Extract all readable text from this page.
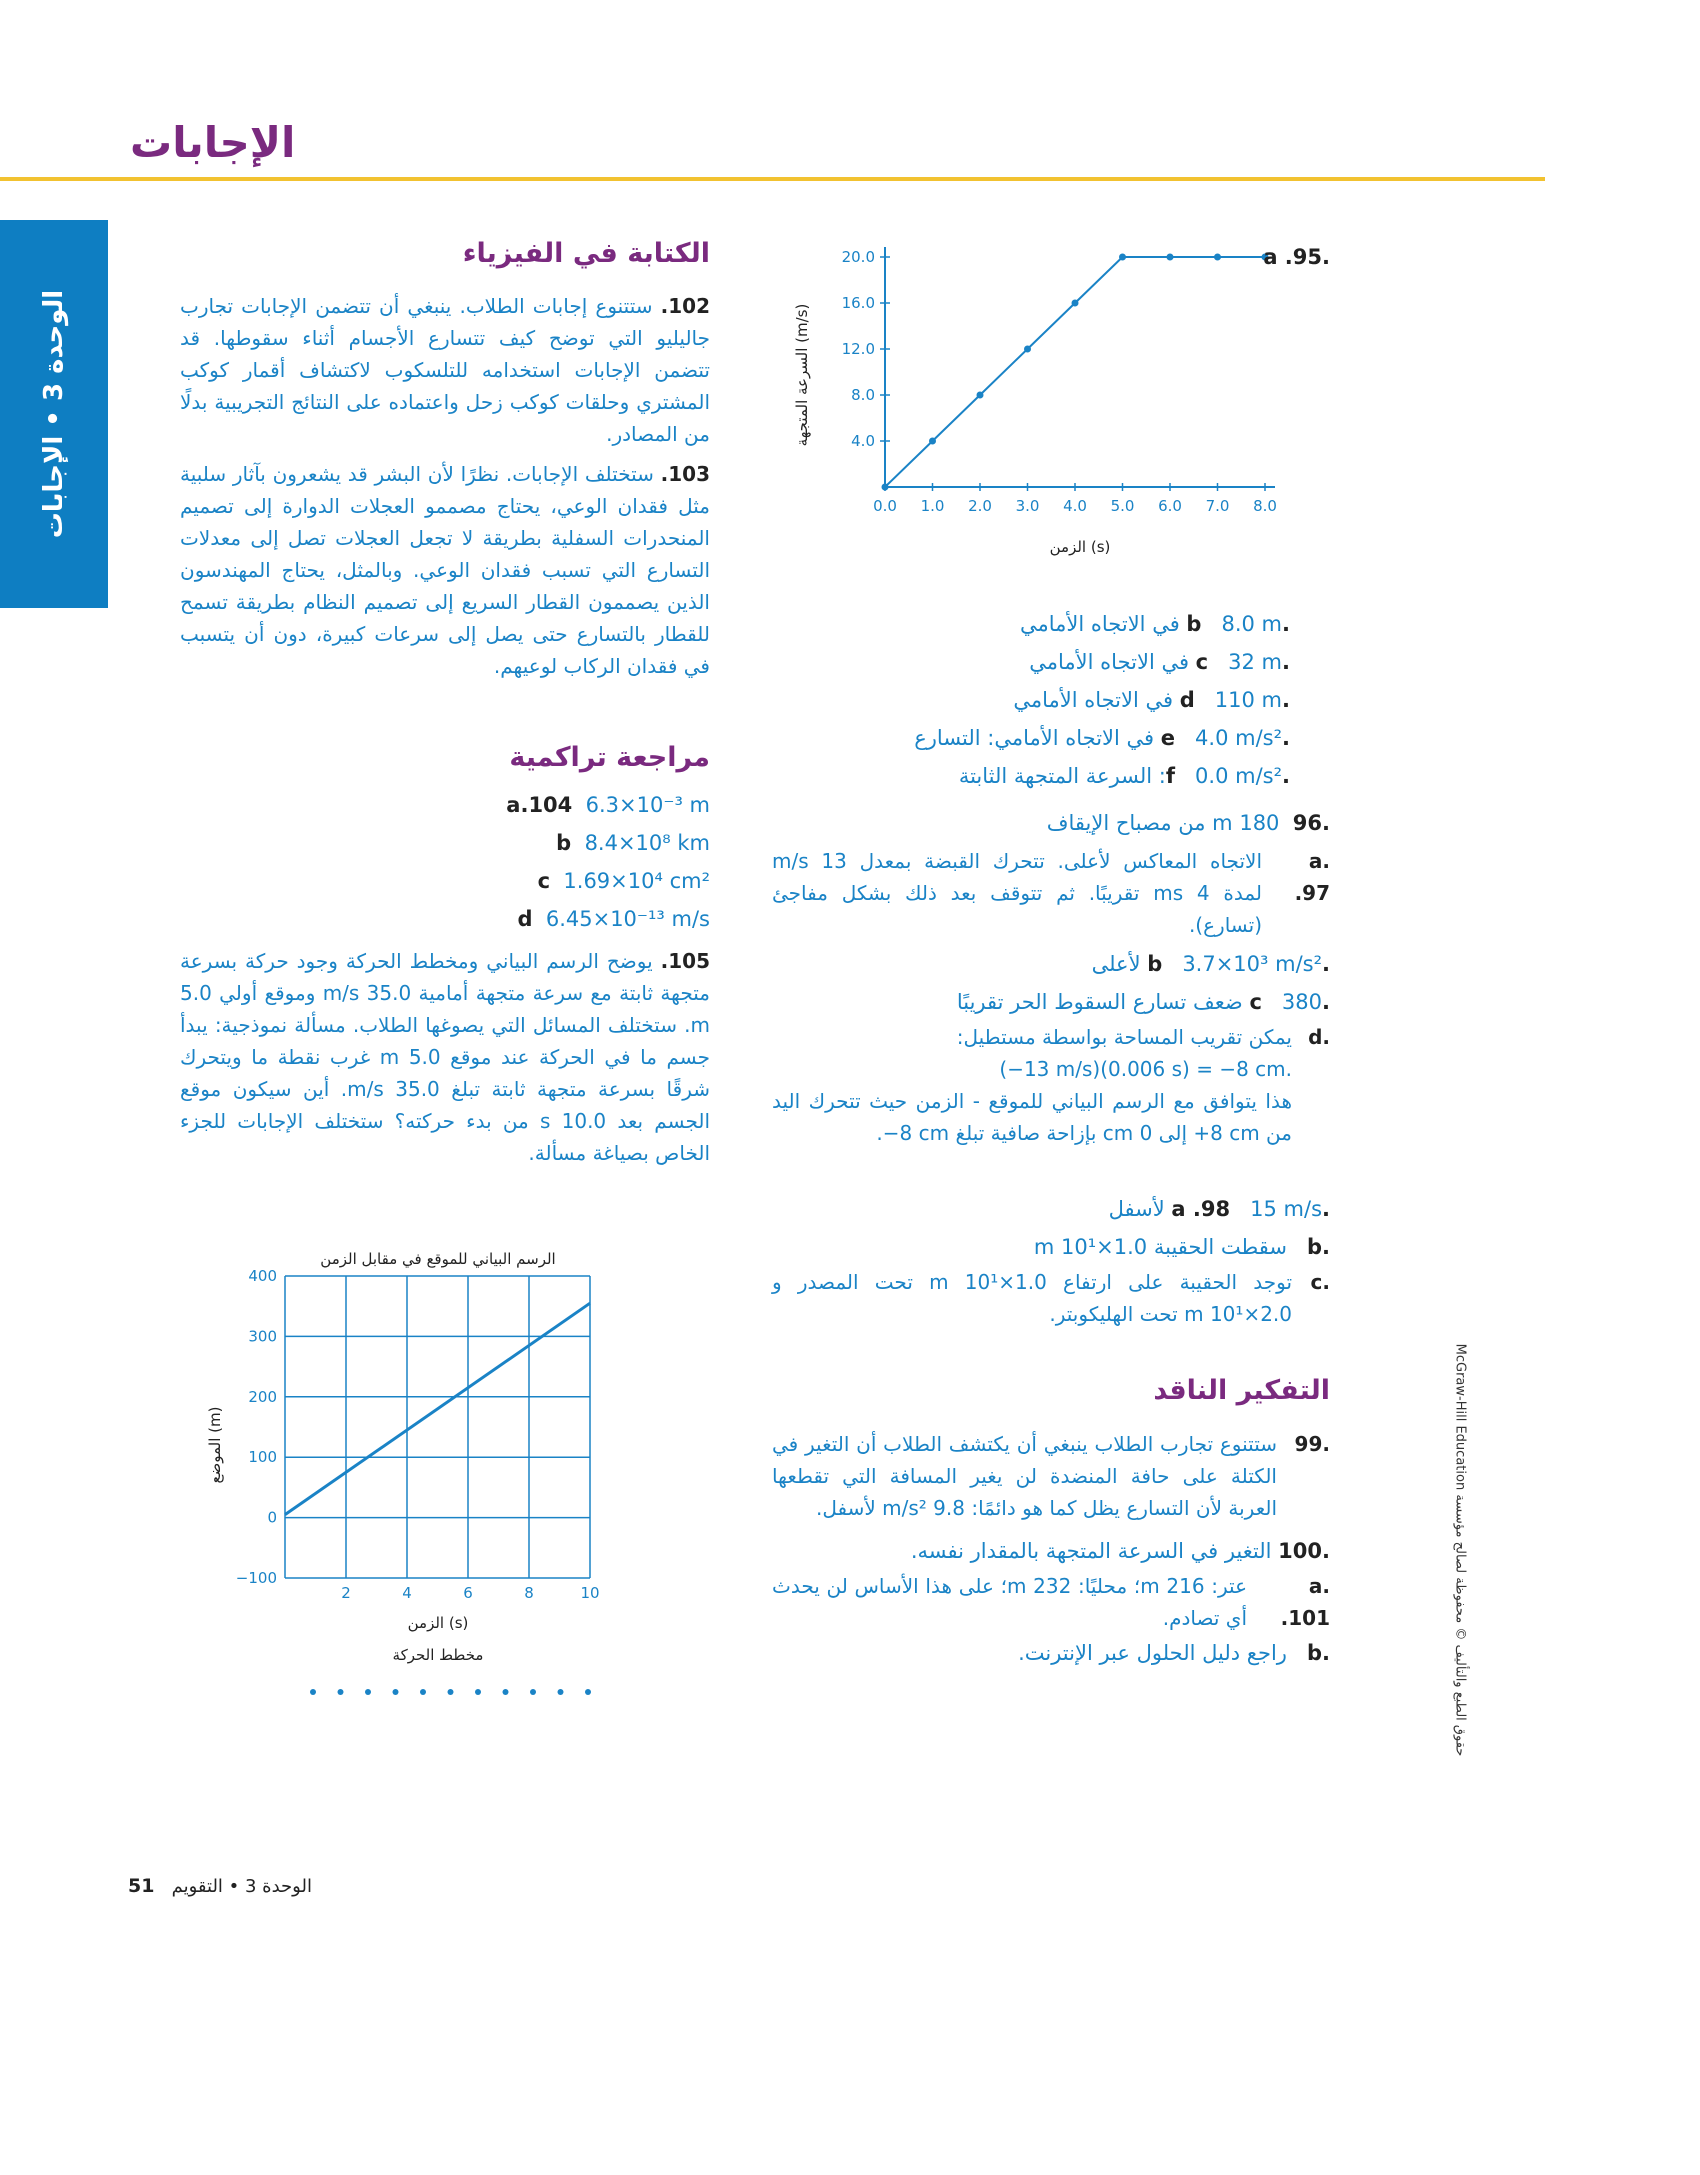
الإجابات
الوحدة 3 • الإجابات
حقوق الطبع والتأليف © محفوظة لصالح مؤسسة McGraw-Hill Education
الكتابة في الفيزياء
102. ستتنوع إجابات الطلاب. ينبغي أن تتضمن الإجابات تجارب جاليليو التي توضح كيف تتسارع الأجسام أثناء سقوطها. قد تتضمن الإجابات استخدامه للتلسكوب لاكتشاف أقمار كوكب المشتري وحلقات كوكب زحل واعتماده على النتائج التجريبية بدلًا من المصادر.
103. ستختلف الإجابات. نظرًا لأن البشر قد يشعرون بآثار سلبية مثل فقدان الوعي، يحتاج مصممو العجلات الدوارة إلى تصميم المنحدرات السفلية بطريقة لا تجعل العجلات تصل إلى معدلات التسارع التي تسبب فقدان الوعي. وبالمثل، يحتاج المهندسون الذين يصممون القطار السريع إلى تصميم النظام بطريقة تسمح للقطار بالتسارع حتى يصل إلى سرعات كبيرة، دون أن يتسبب في فقدان الركاب لوعيهم.
مراجعة تراكمية
a.104 6.3×10⁻³ m
b 8.4×10⁸ km
c 1.69×10⁴ cm²
d 6.45×10⁻¹³ m/s
105. يوضح الرسم البياني ومخطط الحركة وجود حركة بسرعة متجهة ثابتة مع سرعة متجهة أمامية 35.0 m/s وموقع أولي 5.0 m. ستختلف المسائل التي يصوغها الطلاب. مسألة نموذجية: يبدأ جسم ما في الحركة عند موقع 5.0 m غرب نقطة ما ويتحرك شرقًا بسرعة متجهة ثابتة تبلغ 35.0 m/s. أين سيكون موقع الجسم بعد 10.0 s من بدء حركته؟ ستختلف الإجابات للجزء الخاص بصياغة مسألة.
الرسم البياني للموقع في مقابل الزمن
2	4	6	8	10
−100
0
100
200
300
400
الزمن (s)
الموضع (m)
مخطط الحركة
0.0 1.0 2.0 3.0 4.0 5.0 6.0 7.0 8.0
4.0
8.0
12.0
16.0
20.0
الزمن (s)
السرعة المتجهة (m/s)
.a .95
.b   8.0 m في الاتجاه الأمامي
.c   32 m في الاتجاه الأمامي
.d   110 m في الاتجاه الأمامي
.e   4.0 m/s² في الاتجاه الأمامي: التسارع
.f   0.0 m/s²: السرعة المتجهة الثابتة
.96  180 m من مصباح الإيقاف
.a .97
الاتجاه المعاكس لأعلى. تتحرك القبضة بمعدل 13 m/s لمدة 4 ms تقريبًا. ثم تتوقف بعد ذلك بشكل مفاجئ (تسارع).
.b   3.7×10³ m/s² لأعلى
.c   380 ضعف تسارع السقوط الحر تقريبًا
.d
يمكن تقريب المساحة بواسطة مستطيل:
(−13 m/s)(0.006 s) = −8 cm.
هذا يتوافق مع الرسم البياني للموقع - الزمن حيث تتحرك اليد من ‎+8 cm‏ إلى 0 cm بإزاحة صافية تبلغ ‎−8 cm‏.
.a .98   15 m/s لأسفل
.b   سقطت الحقيبة 1.0×10¹ m
.c
توجد الحقيبة على ارتفاع 1.0×10¹ m تحت المصدر و 2.0×10¹ m تحت الهليكوبتر.
التفكير الناقد
.99
ستتنوع تجارب الطلاب ينبغي أن يكتشف الطلاب أن التغير في الكتلة على حافة المنضدة لن يغير المسافة التي تقطعها العربة لأن التسارع يظل كما هو دائمًا: 9.8 m/s² لأسفل.
.100 التغير في السرعة المتجهة بالمقدار نفسه.
.a .101
عتر: 216 m؛ محليًا: 232 m؛ على هذا الأساس لن يحدث أي تصادم.
.b   راجع دليل الحلول عبر الإنترنت.
51 الوحدة 3 • التقويم
